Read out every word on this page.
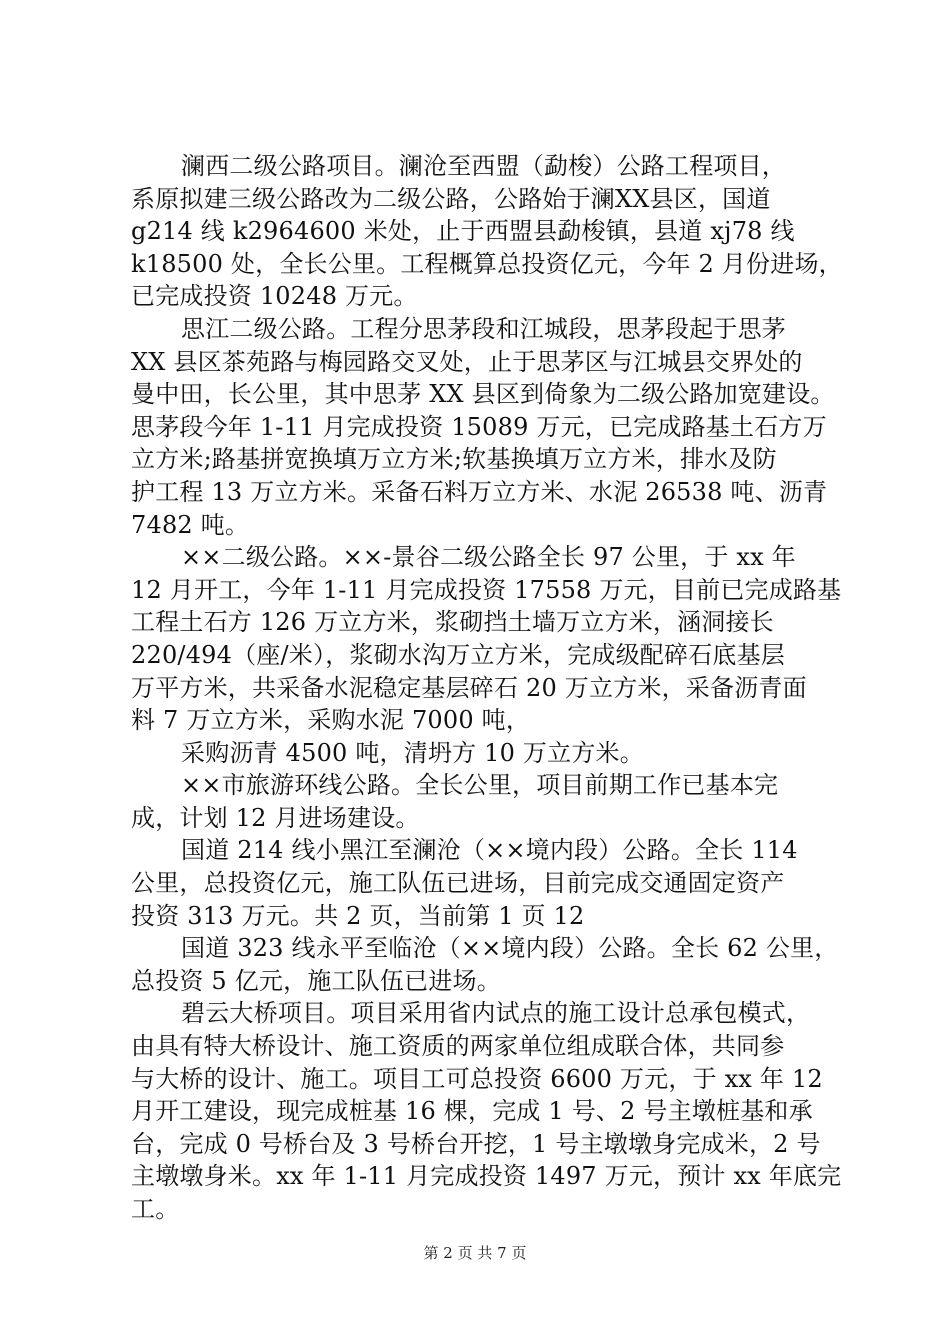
澜西二级公路项目。澜沧至西盟（勐梭）公路工程项目，
系原拟建三级公路改为二级公路，公路始于澜XX县区，国道
g214 线 k2964600 米处，止于西盟县勐梭镇，县道 xj78 线
k18500 处，全长公里。工程概算总投资亿元，今年 2 月份进场，
已完成投资 10248 万元。
思江二级公路。工程分思茅段和江城段，思茅段起于思茅
XX 县区茶苑路与梅园路交叉处，止于思茅区与江城县交界处的
曼中田，长公里，其中思茅 XX 县区到倚象为二级公路加宽建设。
思茅段今年 1-11 月完成投资 15089 万元，已完成路基土石方万
立方米;路基拼宽换填万立方米;软基换填万立方米，排水及防
护工程 13 万立方米。采备石料万立方米、水泥 26538 吨、沥青
7482 吨。
××二级公路。××-景谷二级公路全长 97 公里，于 xx 年
12 月开工，今年 1-11 月完成投资 17558 万元，目前已完成路基
工程土石方 126 万立方米，浆砌挡土墙万立方米，涵洞接长
220/494（座/米），浆砌水沟万立方米，完成级配碎石底基层
万平方米，共采备水泥稳定基层碎石 20 万立方米，采备沥青面
料 7 万立方米，采购水泥 7000 吨，
采购沥青 4500 吨，清坍方 10 万立方米。
××市旅游环线公路。全长公里，项目前期工作已基本完
成，计划 12 月进场建设。
国道 214 线小黑江至澜沧（××境内段）公路。全长 114
公里，总投资亿元，施工队伍已进场，目前完成交通固定资产
投资 313 万元。共 2 页，当前第 1 页 12
国道 323 线永平至临沧（××境内段）公路。全长 62 公里，
总投资 5 亿元，施工队伍已进场。
碧云大桥项目。项目采用省内试点的施工设计总承包模式，
由具有特大桥设计、施工资质的两家单位组成联合体，共同参
与大桥的设计、施工。项目工可总投资 6600 万元，于 xx 年 12
月开工建设，现完成桩基 16 棵，完成 1 号、2 号主墩桩基和承
台，完成 0 号桥台及 3 号桥台开挖，1 号主墩墩身完成米，2 号
主墩墩身米。xx 年 1-11 月完成投资 1497 万元，预计 xx 年底完
工。
第 2 页 共 7 页
